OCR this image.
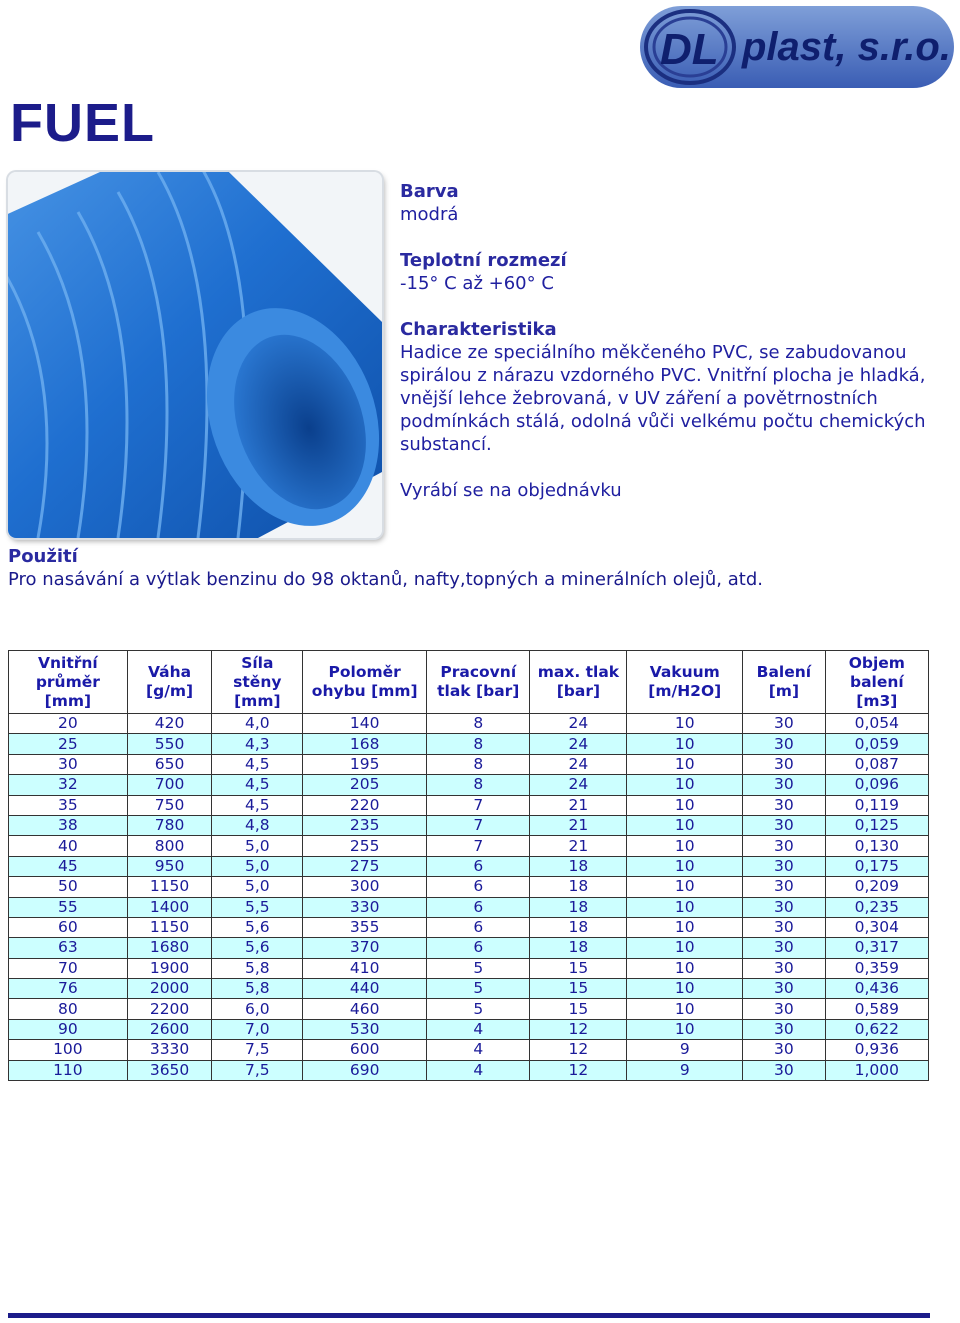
DL plast, s.r.o.
FUEL
Barva
modrá
Teplotní rozmezí
-15° C až +60° C
Charakteristika
Hadice ze speciálního měkčeného PVC, se zabudovanou spirálou z nárazu vzdorného PVC. Vnitřní plocha je hladká, vnější lehce žebrovaná, v UV záření a povětrnostních podmínkách stálá, odolná vůči velkému počtu chemických substancí.
Vyrábí se na objednávku
Použití
Pro nasávání a výtlak benzinu do 98 oktanů, nafty,topných a minerálních olejů, atd.
Vnitřní průměr [mm]	Váha [g/m]	Síla stěny [mm]	Poloměr ohybu [mm]	Pracovní tlak [bar]	max. tlak [bar]	Vakuum [m/H2O]	Balení [m]	Objem balení [m3]
20	420	4,0	140	8	24	10	30	0,054
25	550	4,3	168	8	24	10	30	0,059
30	650	4,5	195	8	24	10	30	0,087
32	700	4,5	205	8	24	10	30	0,096
35	750	4,5	220	7	21	10	30	0,119
38	780	4,8	235	7	21	10	30	0,125
40	800	5,0	255	7	21	10	30	0,130
45	950	5,0	275	6	18	10	30	0,175
50	1150	5,0	300	6	18	10	30	0,209
55	1400	5,5	330	6	18	10	30	0,235
60	1150	5,6	355	6	18	10	30	0,304
63	1680	5,6	370	6	18	10	30	0,317
70	1900	5,8	410	5	15	10	30	0,359
76	2000	5,8	440	5	15	10	30	0,436
80	2200	6,0	460	5	15	10	30	0,589
90	2600	7,0	530	4	12	10	30	0,622
100	3330	7,5	600	4	12	9	30	0,936
110	3650	7,5	690	4	12	9	30	1,000
